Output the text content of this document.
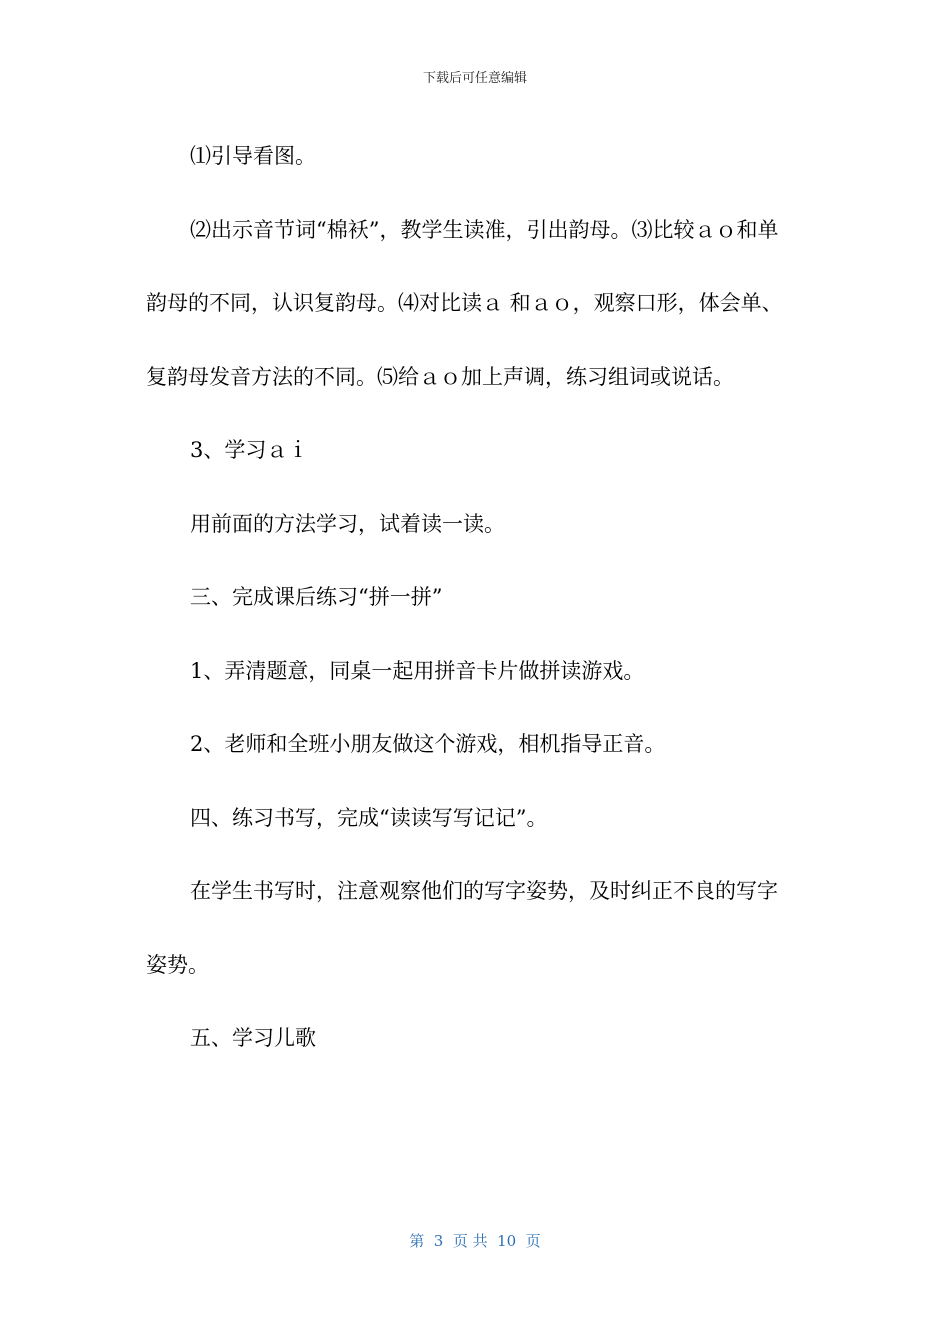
下载后可任意编辑

⑴引导看图。

⑵出示音节词“棉袄”，教学生读准，引出韵母。⑶比较ａｏ和单韵母的不同，认识复韵母。⑷对比读ａ 和ａｏ，观察口形，体会单、复韵母发音方法的不同。⑸给ａｏ加上声调，练习组词或说话。

3、学习ａｉ

用前面的方法学习，试着读一读。

三、完成课后练习“拼一拼”

1、弄清题意，同桌一起用拼音卡片做拼读游戏。

2、老师和全班小朋友做这个游戏，相机指导正音。

四、练习书写，完成“读读写写记记”。

在学生书写时，注意观察他们的写字姿势，及时纠正不良的写字姿势。

五、学习儿歌

第  3  页 共  10  页
